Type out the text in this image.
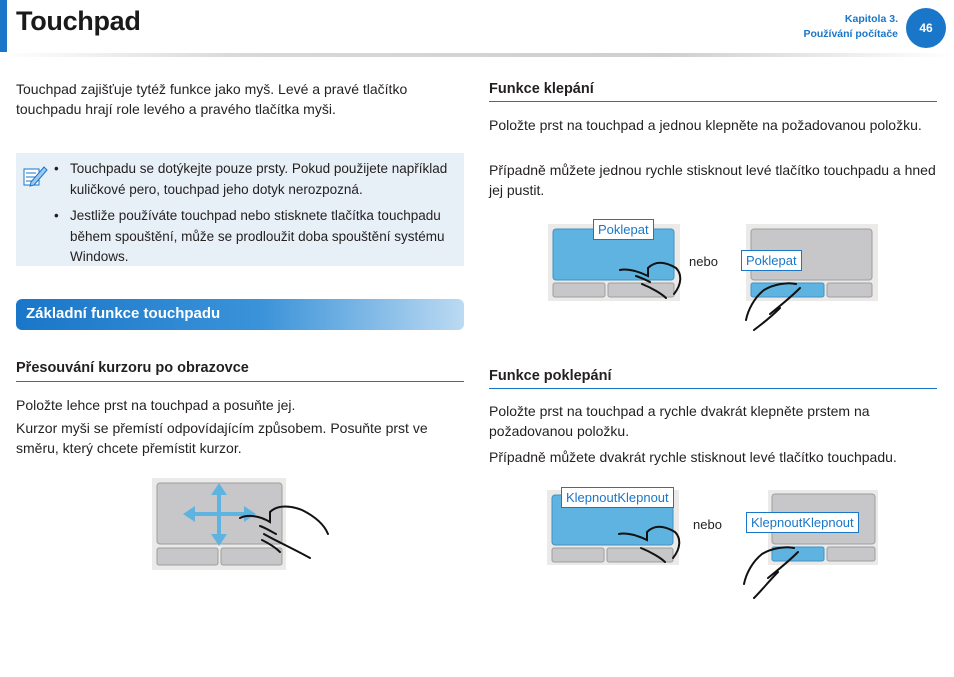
Touchpad	Kapitola 3.
Používání počítače	46

Touchpad zajišťuje tytéž funkce jako myš. Levé a pravé tlačítko touchpadu hrají role levého a pravého tlačítka myši.

• Touchpadu se dotýkejte pouze prsty. Pokud použijete například kuličkové pero, touchpad jeho dotyk nerozpozná.
• Jestliže používáte touchpad nebo stisknete tlačítka touchpadu během spouštění, může se prodloužit doba spouštění systému Windows.
Základní funkce touchpadu
Přesouvání kurzoru po obrazovce

Položte lehce prst na touchpad a posuňte jej.

Kurzor myši se přemístí odpovídajícím způsobem. Posuňte prst ve směru, který chcete přemístit kurzor.

Funkce klepání

Položte prst na touchpad a jednou klepněte na požadovanou položku.

Případně můžete jednou rychle stisknout levé tlačítko touchpadu a hned jej pustit.

Poklepat
nebo	Poklepat
Funkce poklepání

Položte prst na touchpad a rychle dvakrát klepněte prstem na požadovanou položku.

Případně můžete dvakrát rychle stisknout levé tlačítko touchpadu.

KlepnoutKlepnout
nebo	KlepnoutKlepnout
